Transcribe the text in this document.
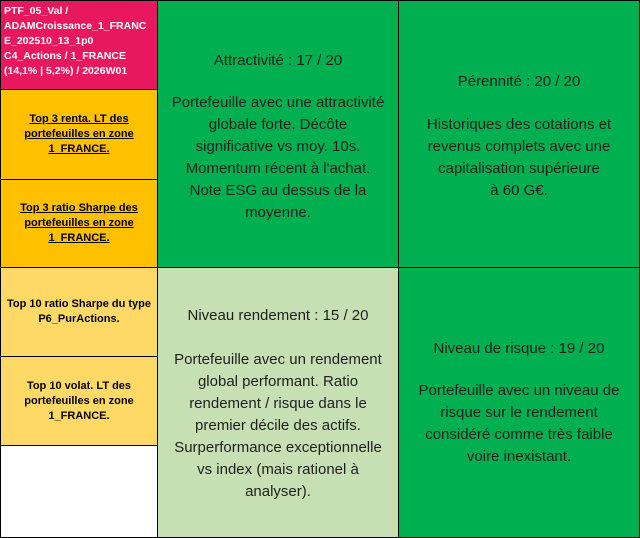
PTF_05_Val /
ADAMCroissance_1_FRANC
E_202510_13_1p0
C4_Actions / 1_FRANCE
(14,1% | 5,2%) / 2026W01
Top 3 renta. LT des portefeuilles en zone 1_FRANCE.
Top 3 ratio Sharpe des portefeuilles en zone 1_FRANCE.
Top 10 ratio Sharpe du type P6_PurActions.
Top 10 volat. LT des portefeuilles en zone 1_FRANCE.
Attractivité : 17 / 20
Portefeuille avec une attractivité
globale forte. Décôte
significative vs moy. 10s.
Momentum récent à l'achat.
Note ESG au dessus de la
moyenne.
Pérennité : 20 / 20
Historiques des cotations et
revenus complets avec une
capitalisation supérieure
à 60 G€.
Niveau rendement : 15 / 20
Portefeuille avec un rendement
global performant. Ratio
rendement / risque dans le
premier décile des actifs.
Surperformance exceptionnelle
vs index (mais rationel à
analyser).
Niveau de risque : 19 / 20
Portefeuille avec un niveau de
risque sur le rendement
considéré comme très faible
voire inexistant.
